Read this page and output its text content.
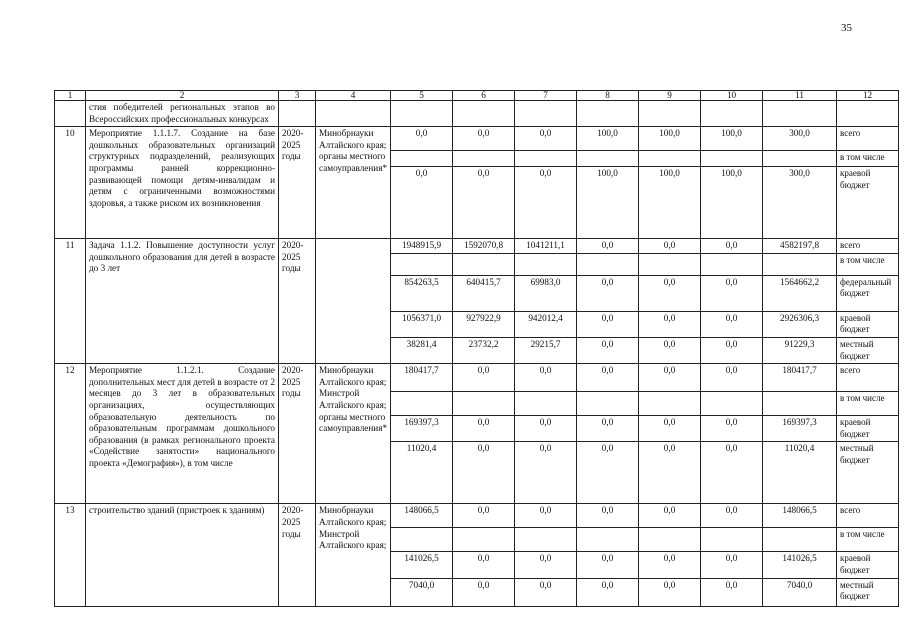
35
1	2	3	4	5	6	7	8	9	10	11	12
	стия победителей региональных этапов во Всероссийских профессиональных конкурсах										
10	Мероприятие 1.1.1.7. Создание на базе дошкольных образовательных организаций структурных подразделений, реализующих программы ранней коррекционно-развивающей помощи детям-инвалидам и детям с ограниченными возможностями здоровья, а также риском их возникновения	2020-2025 годы	Минобрнауки Алтайского края; органы местного самоуправления*	0,0	0,0	0,0	100,0	100,0	100,0	300,0	всего
											в том числе
				0,0	0,0	0,0	100,0	100,0	100,0	300,0	краевой бюджет
11	Задача 1.1.2. Повышение доступности услуг дошкольного образования для детей в возрасте до 3 лет	2020-2025 годы		1948915,9	1592070,8	1041211,1	0,0	0,0	0,0	4582197,8	всего
											в том числе
				854263,5	640415,7	69983,0	0,0	0,0	0,0	1564662,2	федеральный бюджет
				1056371,0	927922,9	942012,4	0,0	0,0	0,0	2926306,3	краевой бюджет
				38281,4	23732,2	29215,7	0,0	0,0	0,0	91229,3	местный бюджет
12	Мероприятие 1.1.2.1. Создание дополнительных мест для детей в возрасте от 2 месяцев до 3 лет в образовательных организациях, осуществляющих образовательную деятельность по образовательным программам дошкольного образования (в рамках регионального проекта «Содействие занятости» национального проекта «Демография»), в том числе	2020-2025 годы	Минобрнауки Алтайского края; Минстрой Алтайского края; органы местного самоуправления*	180417,7	0,0	0,0	0,0	0,0	0,0	180417,7	всего
											в том числе
				169397,3	0,0	0,0	0,0	0,0	0,0	169397,3	краевой бюджет
				11020,4	0,0	0,0	0,0	0,0	0,0	11020,4	местный бюджет
13	строительство зданий (пристроек к зданиям)	2020-2025 годы	Минобрнауки Алтайского края; Минстрой Алтайского края;	148066,5	0,0	0,0	0,0	0,0	0,0	148066,5	всего
											в том числе
				141026,5	0,0	0,0	0,0	0,0	0,0	141026,5	краевой бюджет
				7040,0	0,0	0,0	0,0	0,0	0,0	7040,0	местный бюджет
